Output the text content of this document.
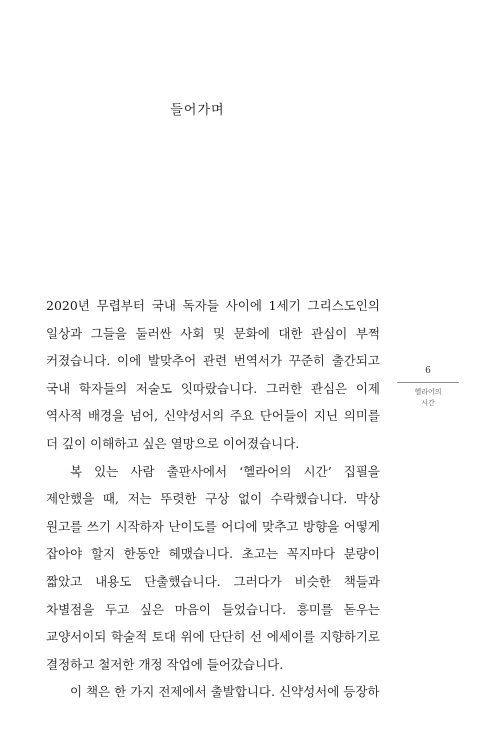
들어가며

2020년 무렵부터 국내 독자들 사이에 1세기 그리스도인의 일상과 그들을 둘러싼 사회 및 문화에 대한 관심이 부쩍 커졌습니다. 이에 발맞추어 관련 번역서가 꾸준히 출간되고 국내 학자들의 저술도 잇따랐습니다. 그러한 관심은 이제 역사적 배경을 넘어, 신약성서의 주요 단어들이 지닌 의미를 더 깊이 이해하고 싶은 열망으로 이어졌습니다.

복 있는 사람 출판사에서 ‘헬라어의 시간’ 집필을 제안했을 때, 저는 뚜렷한 구상 없이 수락했습니다. 막상 원고를 쓰기 시작하자 난이도를 어디에 맞추고 방향을 어떻게 잡아야 할지 한동안 헤맸습니다. 초고는 꼭지마다 분량이 짧았고 내용도 단출했습니다. 그러다가 비슷한 책들과 차별점을 두고 싶은 마음이 들었습니다. 흥미를 돋우는 교양서이되 학술적 토대 위에 단단히 선 에세이를 지향하기로 결정하고 철저한 개정 작업에 들어갔습니다.

이 책은 한 가지 전제에서 출발합니다. 신약성서에 등장하

6
헬라어의
시간
